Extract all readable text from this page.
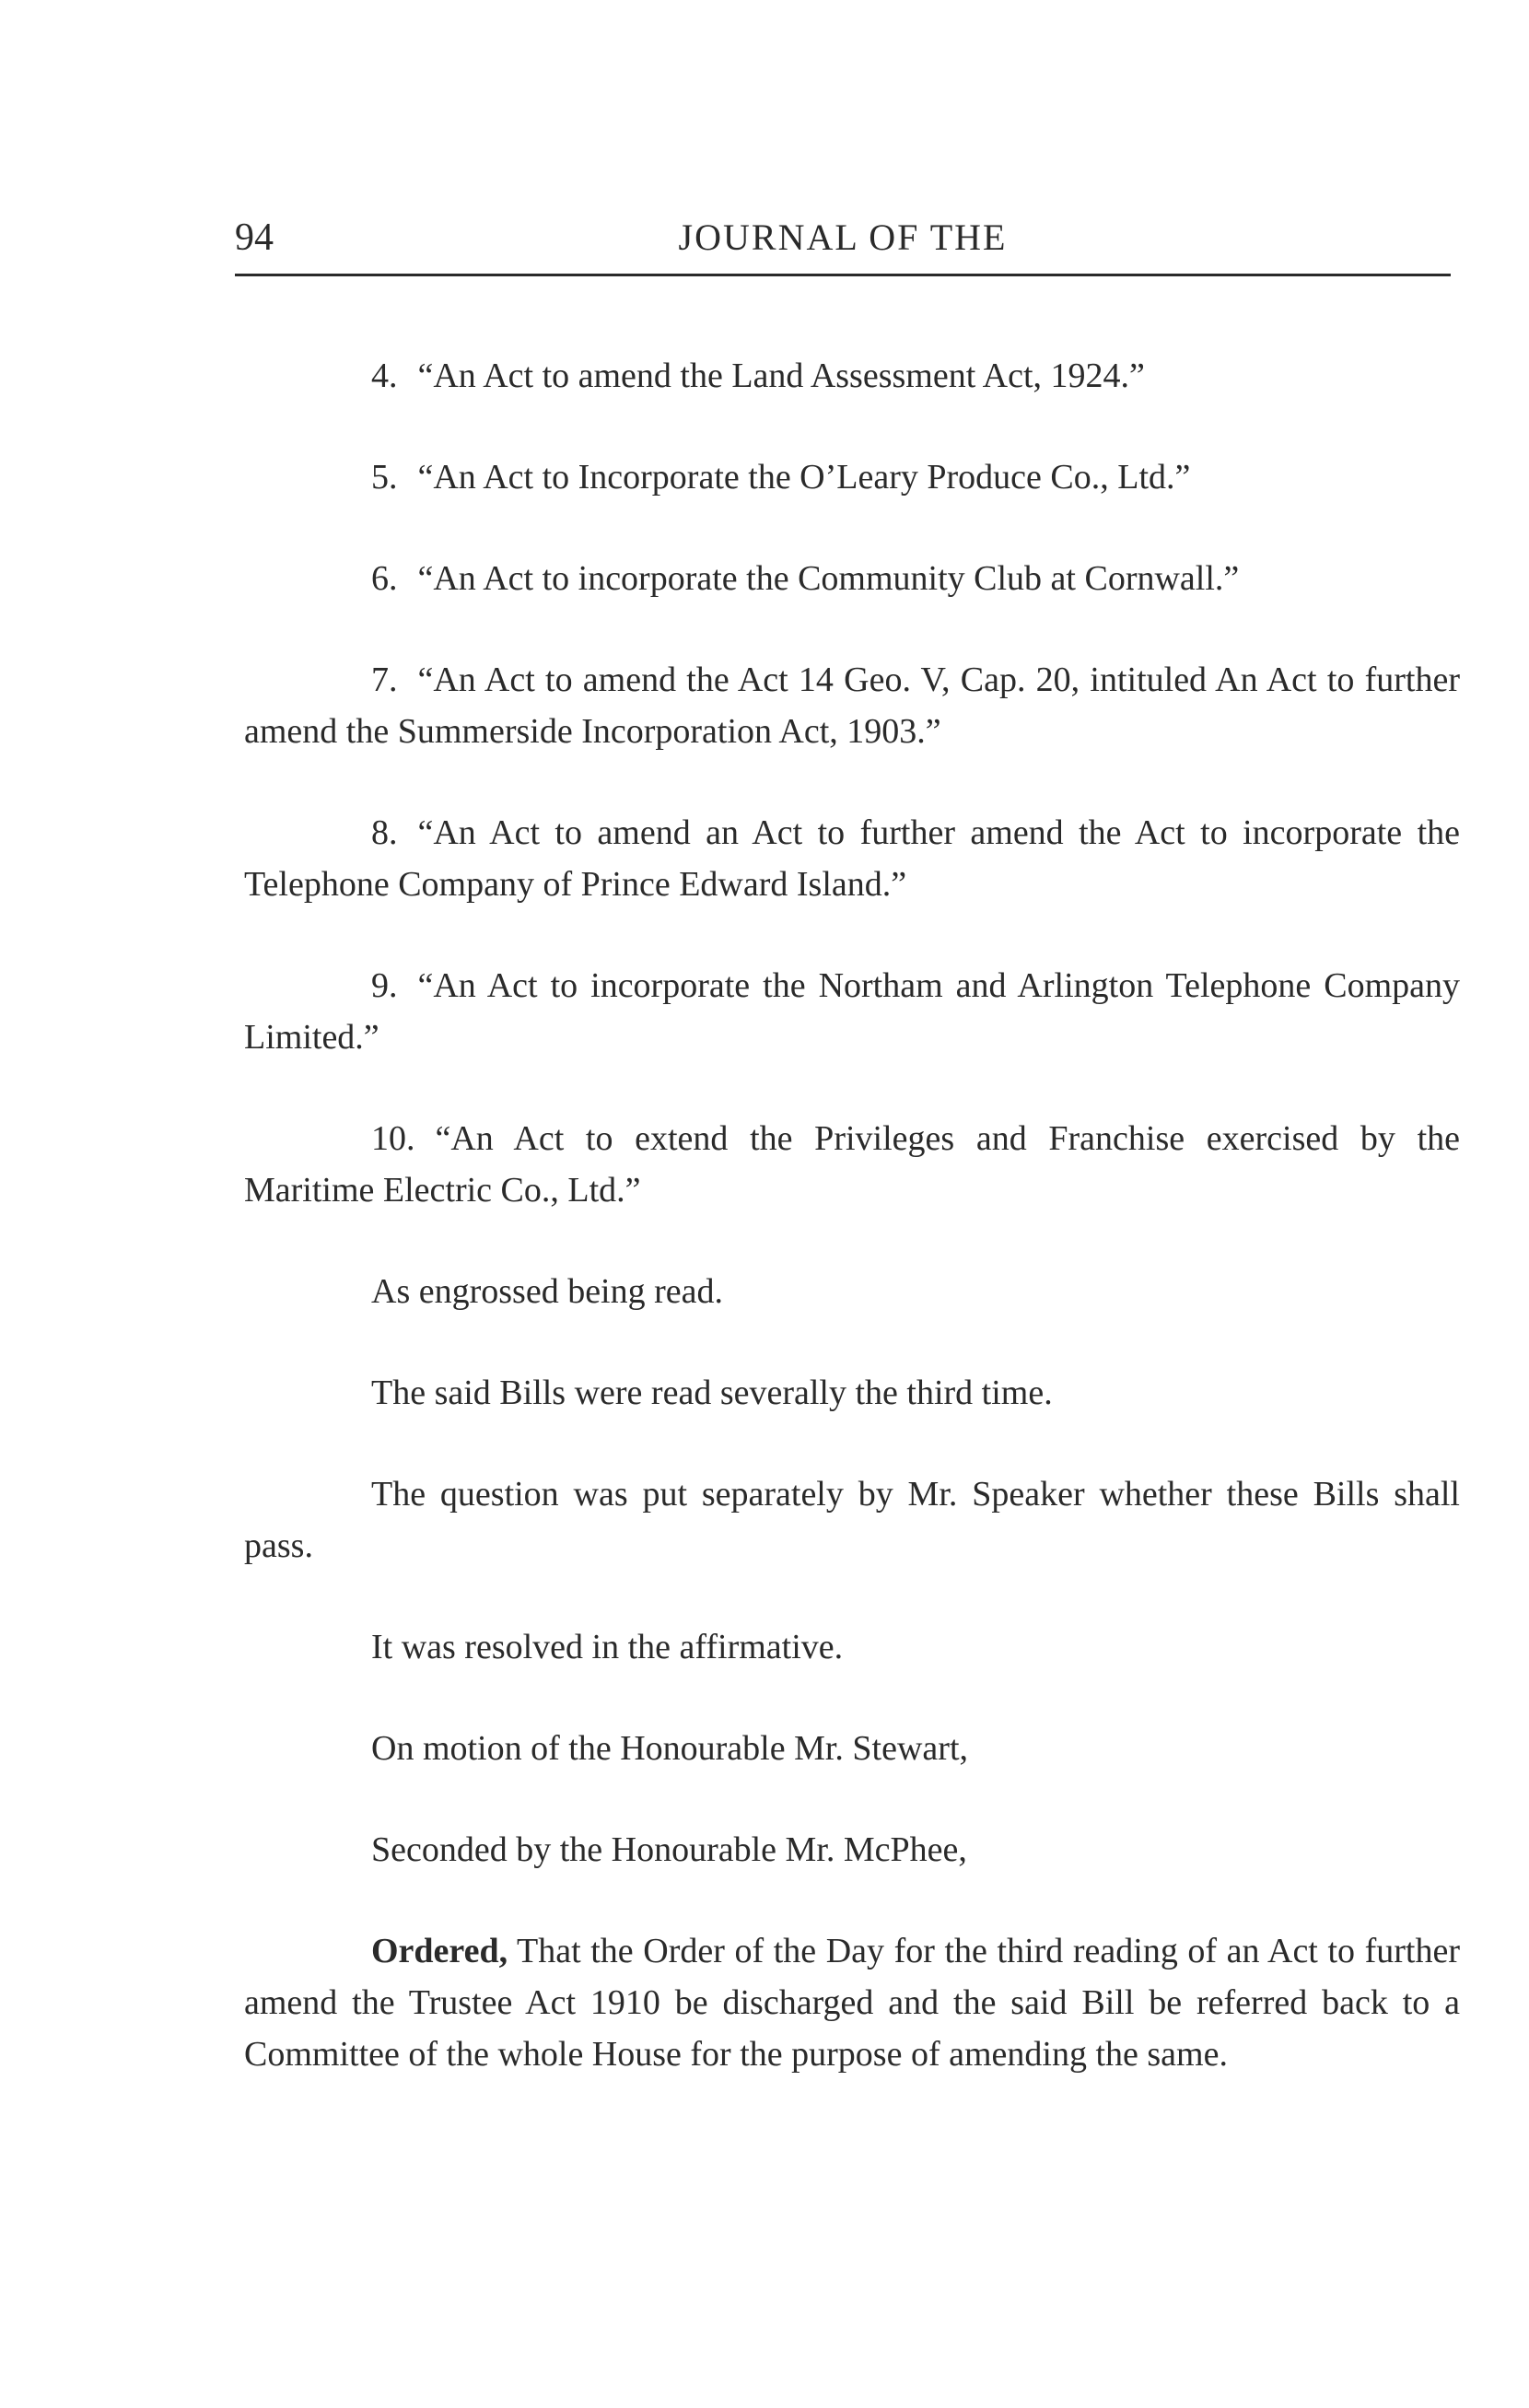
94	JOURNAL OF THE

4. “An Act to amend the Land Assessment Act, 1924.”

5. “An Act to Incorporate the O’Leary Produce Co., Ltd.”

6. “An Act to incorporate the Community Club at Cornwall.”

7. “An Act to amend the Act 14 Geo. V, Cap. 20, intituled An Act to further amend the Summerside Incorporation Act, 1903.”

8. “An Act to amend an Act to further amend the Act to incorporate the Telephone Company of Prince Edward Island.”

9. “An Act to incorporate the Northam and Arlington Telephone Company Limited.”

10. “An Act to extend the Privileges and Franchise exercised by the Maritime Electric Co., Ltd.”

As engrossed being read.

The said Bills were read severally the third time.

The question was put separately by Mr. Speaker whether these Bills shall pass.

It was resolved in the affirmative.

On motion of the Honourable Mr. Stewart,

Seconded by the Honourable Mr. McPhee,

Ordered, That the Order of the Day for the third reading of an Act to further amend the Trustee Act 1910 be discharged and the said Bill be referred back to a Committee of the whole House for the purpose of amending the same.
